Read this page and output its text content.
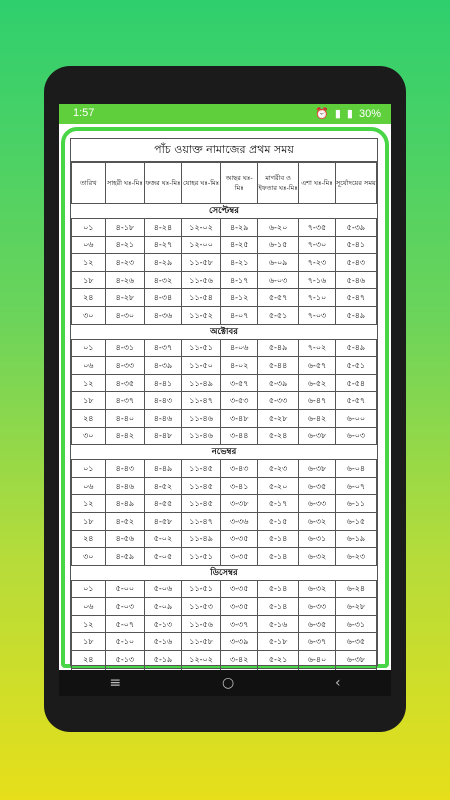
1:57	⏰ ▮ ▮ 30%
পাঁচ ওয়াক্ত নামাজের প্রথম সময়
তারিখ	সাহরী ঘঃ-মিঃ	ফজর ঘঃ-মিঃ	যোহর ঘঃ-মিঃ	আছর ঘঃ-মিঃ	মাগরীব ও ইফতার ঘঃ-মিঃ	এশা ঘঃ-মিঃ	সূর্যোদয়ের সময়
সেপ্টেম্বর							
০১	৪-১৮	৪-২৪	১২-০২	৪-২৯	৬-২০	৭-৩৫	৫-৩৯
০৬	৪-২১	৪-২৭	১২-০০	৪-২৫	৬-১৫	৭-৩০	৫-৪১
১২	৪-২৩	৪-২৯	১১-৫৮	৪-২১	৬-০৯	৭-২৩	৫-৪৩
১৮	৪-২৬	৪-৩২	১১-৫৬	৪-১৭	৬-০৩	৭-১৬	৫-৪৬
২৪	৪-২৮	৪-৩৪	১১-৫৪	৪-১২	৫-৫৭	৭-১০	৫-৪৭
৩০	৪-৩০	৪-৩৬	১১-৫২	৪-০৭	৫-৫১	৭-০৩	৫-৪৯
অক্টোবর							
০১	৪-৩১	৪-৩৭	১১-৫১	৪-০৬	৫-৪৯	৭-০২	৫-৪৯
০৬	৪-৩৩	৪-৩৯	১১-৫০	৪-০২	৫-৪৪	৬-৫৭	৫-৫১
১২	৪-৩৫	৪-৪১	১১-৪৯	৩-৫৭	৫-৩৯	৬-৫২	৫-৫৪
১৮	৪-৩৭	৪-৪৩	১১-৪৭	৩-৫৩	৫-৩৩	৬-৪৭	৫-৫৭
২৪	৪-৪০	৪-৪৬	১১-৪৬	৩-৪৮	৫-২৮	৬-৪২	৬-০০
৩০	৪-৪২	৪-৪৮	১১-৪৬	৩-৪৪	৫-২৪	৬-৩৮	৬-০৩
নভেম্বর							
০১	৪-৪৩	৪-৪৯	১১-৪৫	৩-৪৩	৫-২৩	৬-৩৮	৬-০৪
০৬	৪-৪৬	৪-৫২	১১-৪৫	৩-৪১	৫-২০	৬-৩৫	৬-০৭
১২	৪-৪৯	৪-৫৫	১১-৪৫	৩-৩৮	৫-১৭	৬-৩৩	৬-১১
১৮	৪-৫২	৪-৫৮	১১-৪৭	৩-৩৬	৫-১৫	৬-৩২	৬-১৫
২৪	৪-৫৬	৫-০২	১১-৪৯	৩-৩৫	৫-১৪	৬-৩১	৬-১৯
৩০	৪-৫৯	৫-০৫	১১-৫১	৩-৩৫	৫-১৪	৬-৩২	৬-২৩
ডিসেম্বর							
০১	৫-০০	৫-০৬	১১-৫১	৩-৩৫	৫-১৪	৬-৩২	৬-২৪
০৬	৫-০৩	৫-০৯	১১-৫৩	৩-৩৫	৫-১৪	৬-৩৩	৬-২৮
১২	৫-০৭	৫-১৩	১১-৫৬	৩-৩৭	৫-১৬	৬-৩৫	৬-৩১
১৮	৫-১০	৫-১৬	১১-৫৮	৩-৩৯	৫-১৮	৬-৩৭	৬-৩৫
২৪	৫-১৩	৫-১৯	১২-০২	৩-৪২	৫-২১	৬-৪০	৬-৩৮

≡	○	‹
